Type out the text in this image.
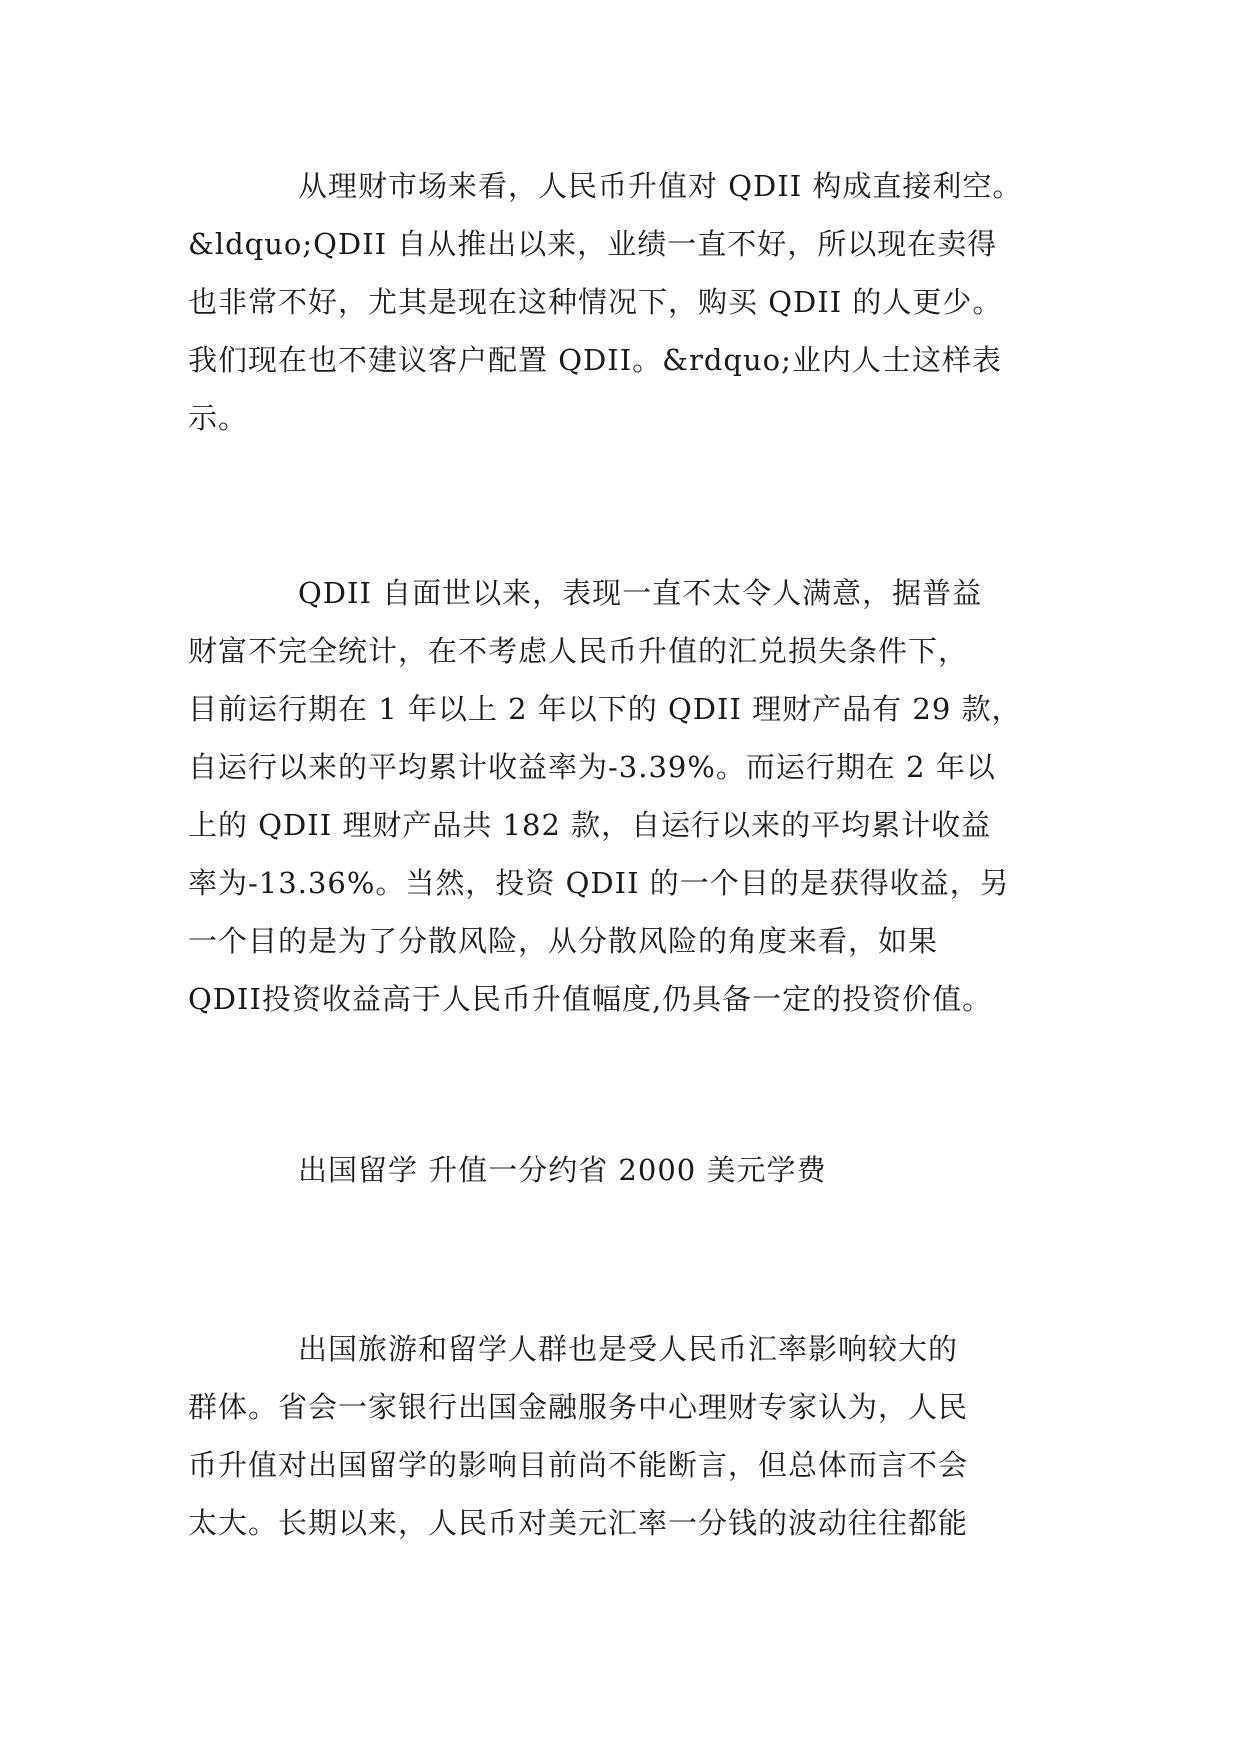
从理财市场来看，人民币升值对 QDII 构成直接利空。
&ldquo;QDII 自从推出以来，业绩一直不好，所以现在卖得
也非常不好，尤其是现在这种情况下，购买 QDII 的人更少。
我们现在也不建议客户配置 QDII。&rdquo;业内人士这样表
示。
QDII 自面世以来，表现一直不太令人满意，据普益
财富不完全统计，在不考虑人民币升值的汇兑损失条件下，
目前运行期在 1 年以上 2 年以下的 QDII 理财产品有 29 款，
自运行以来的平均累计收益率为-3.39%。而运行期在 2 年以
上的 QDII 理财产品共 182 款，自运行以来的平均累计收益
率为-13.36%。当然，投资 QDII 的一个目的是获得收益，另
一个目的是为了分散风险，从分散风险的角度来看，如果
QDII投资收益高于人民币升值幅度,仍具备一定的投资价值。
出国留学 升值一分约省 2000 美元学费
出国旅游和留学人群也是受人民币汇率影响较大的
群体。省会一家银行出国金融服务中心理财专家认为，人民
币升值对出国留学的影响目前尚不能断言，但总体而言不会
太大。长期以来，人民币对美元汇率一分钱的波动往往都能
